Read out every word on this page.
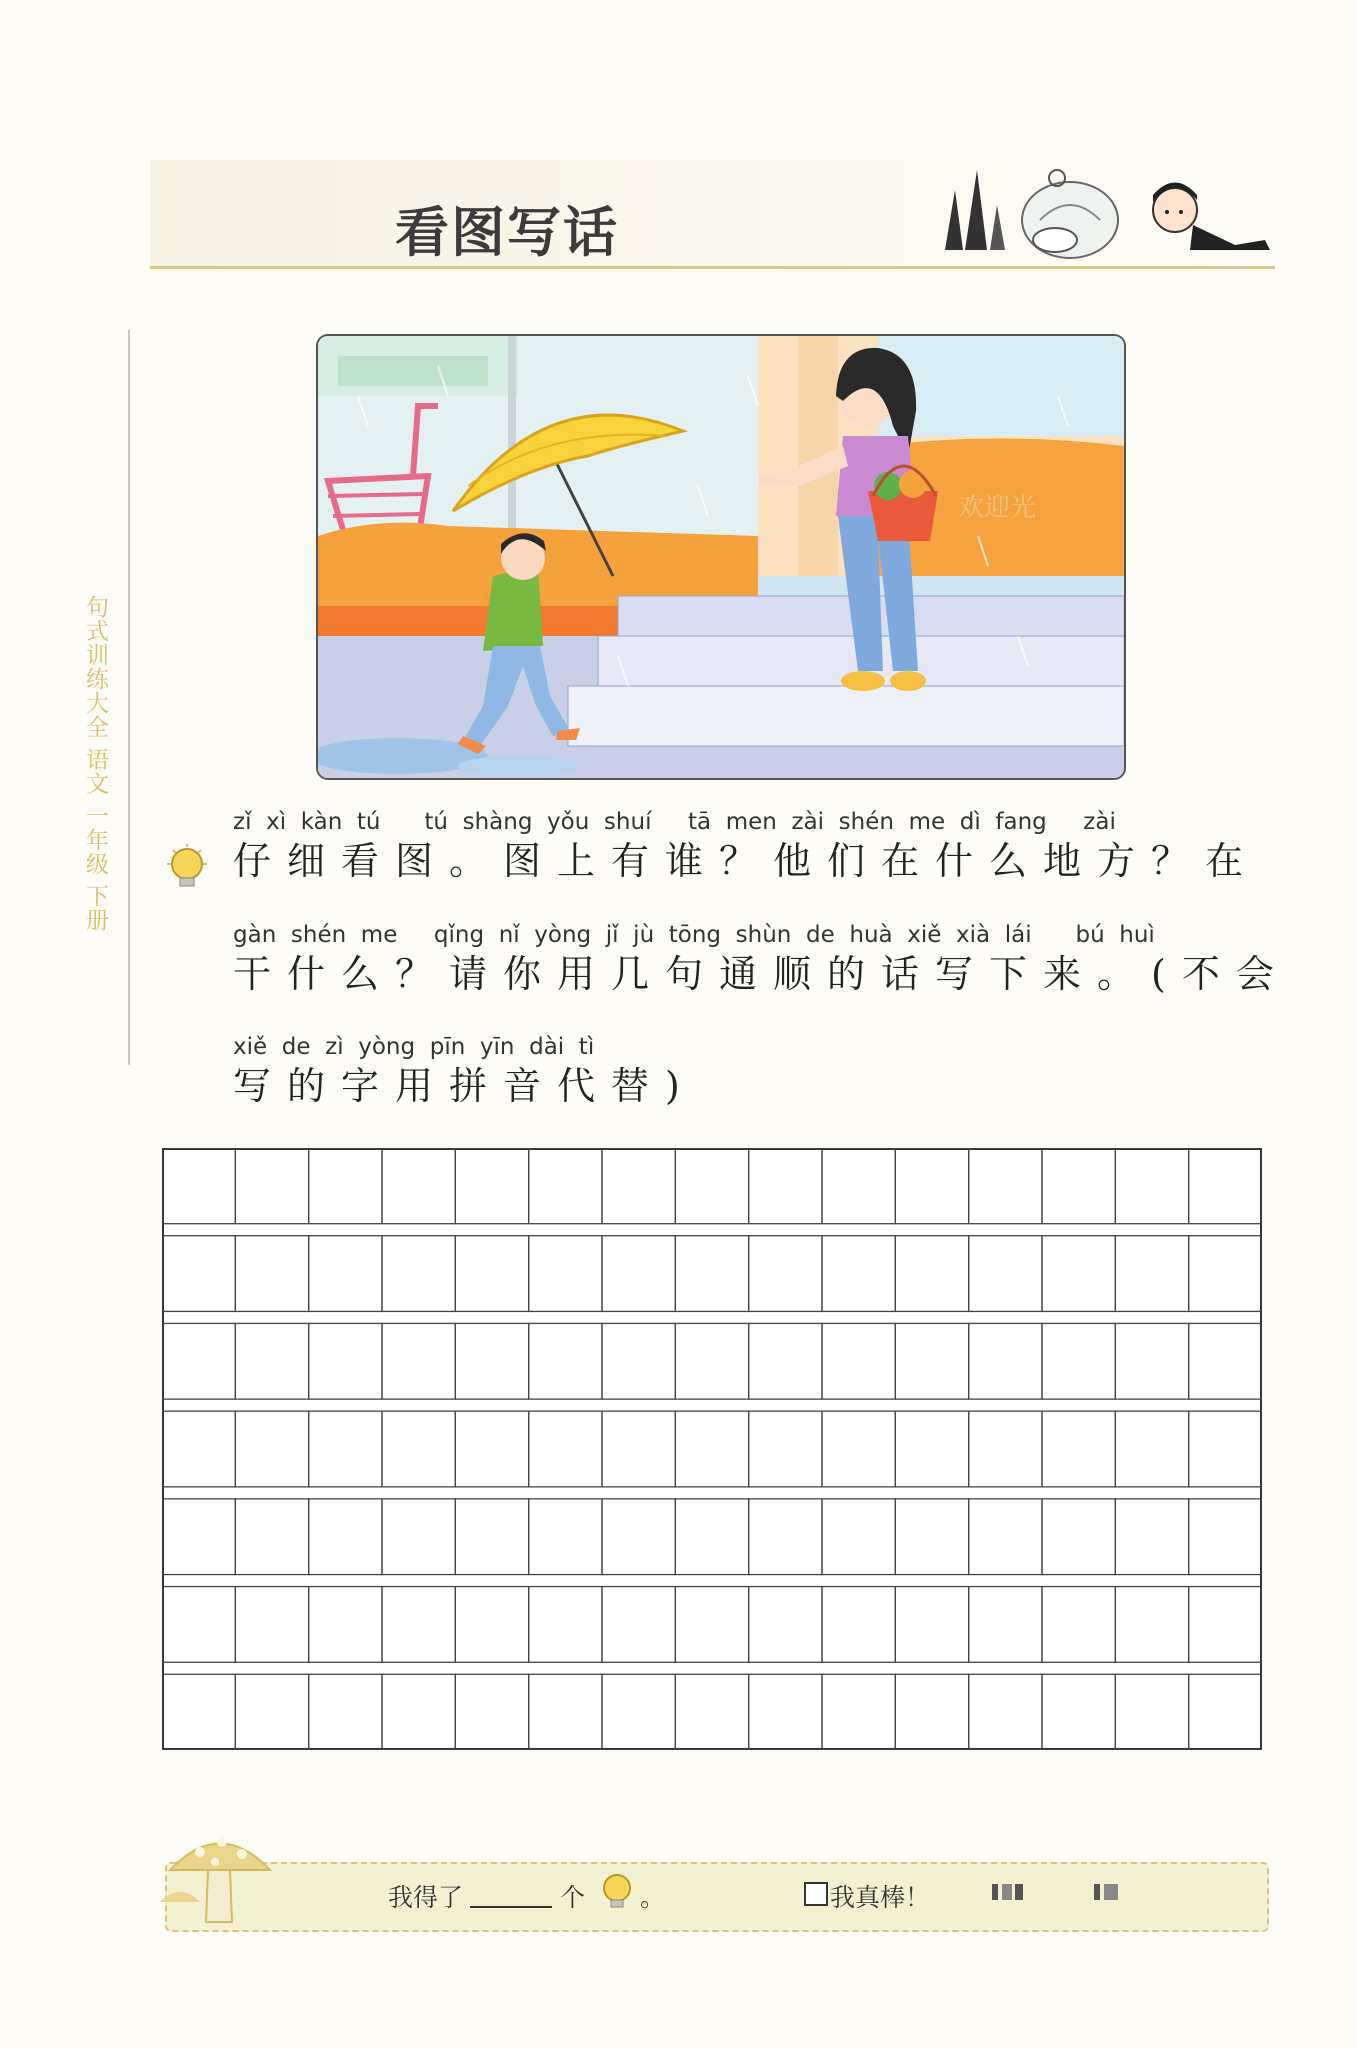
看图写话
句式训练大全 语文 一年级 下册
欢迎光
zǐ  xì  kàn  tú      tú  shàng  yǒu  shuí     tā  men  zài  shén  me  dì  fang     zài
仔细看图。图上有谁？他们在什么地方？在
gàn  shén  me     qǐng  nǐ  yòng  jǐ  jù  tōng  shùn  de  huà  xiě  xià  lái      bú  huì
干什么？请你用几句通顺的话写下来。(不会
xiě  de  zì  yòng  pīn  yīn  dài  tì
写的字用拼音代替)
我得了	个 。	我真棒！
